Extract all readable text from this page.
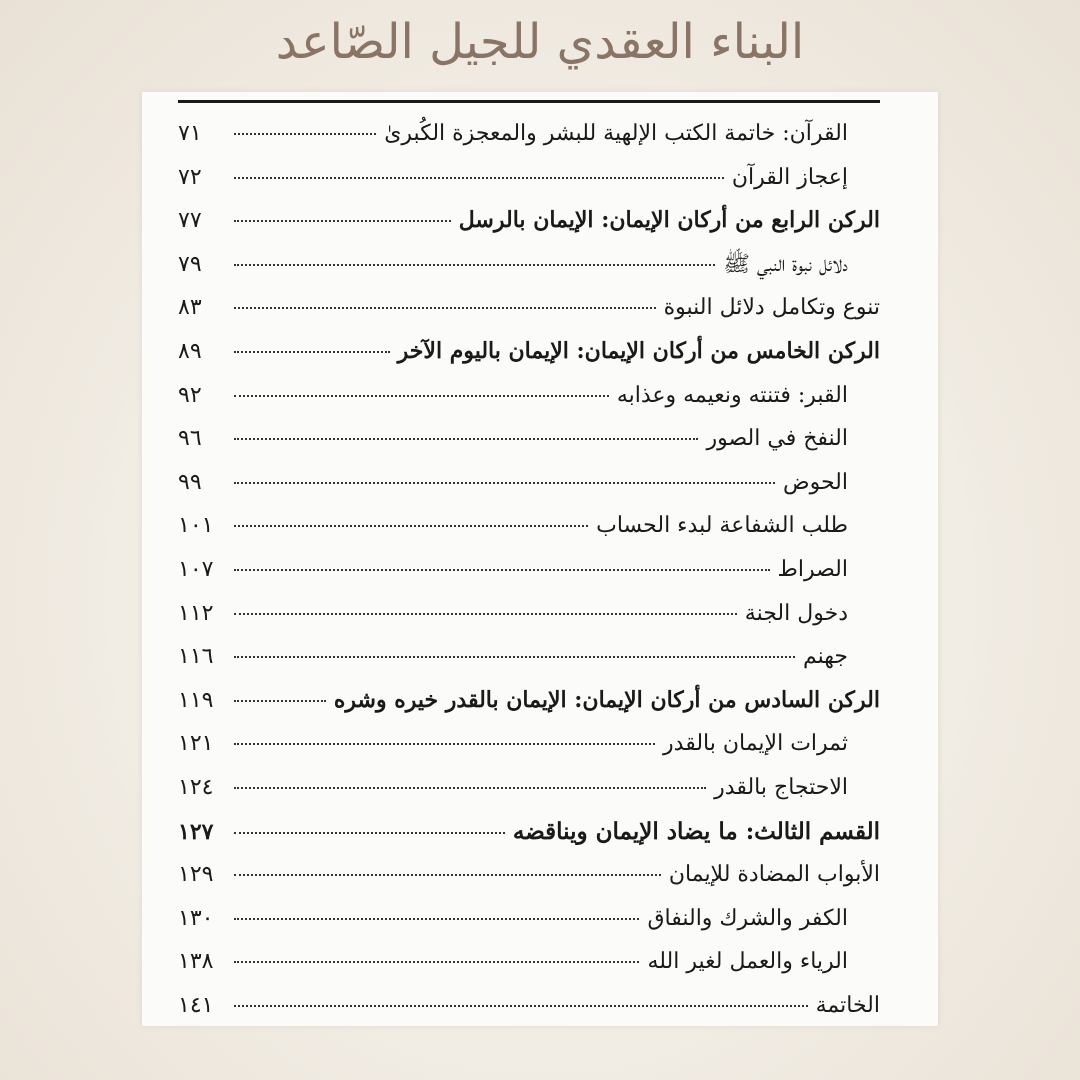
البناء العقدي للجيل الصّاعد
القرآن: خاتمة الكتب الإلهية للبشر والمعجزة الكُبرىٰ
٧١
إعجاز القرآن
٧٢
الركن الرابع من أركان الإيمان: الإيمان بالرسل
٧٧
دلائل نبوة النبي ﷺ
٧٩
تنوع وتكامل دلائل النبوة
٨٣
الركن الخامس من أركان الإيمان: الإيمان باليوم الآخر
٨٩
القبر: فتنته ونعيمه وعذابه
٩٢
النفخ في الصور
٩٦
الحوض
٩٩
طلب الشفاعة لبدء الحساب
١٠١
الصراط
١٠٧
دخول الجنة
١١٢
جهنم
١١٦
الركن السادس من أركان الإيمان: الإيمان بالقدر خيره وشره
١١٩
ثمرات الإيمان بالقدر
١٢١
الاحتجاج بالقدر
١٢٤
القسم الثالث: ما يضاد الإيمان ويناقضه
١٢٧
الأبواب المضادة للإيمان
١٢٩
الكفر والشرك والنفاق
١٣٠
الرياء والعمل لغير الله
١٣٨
الخاتمة
١٤١
